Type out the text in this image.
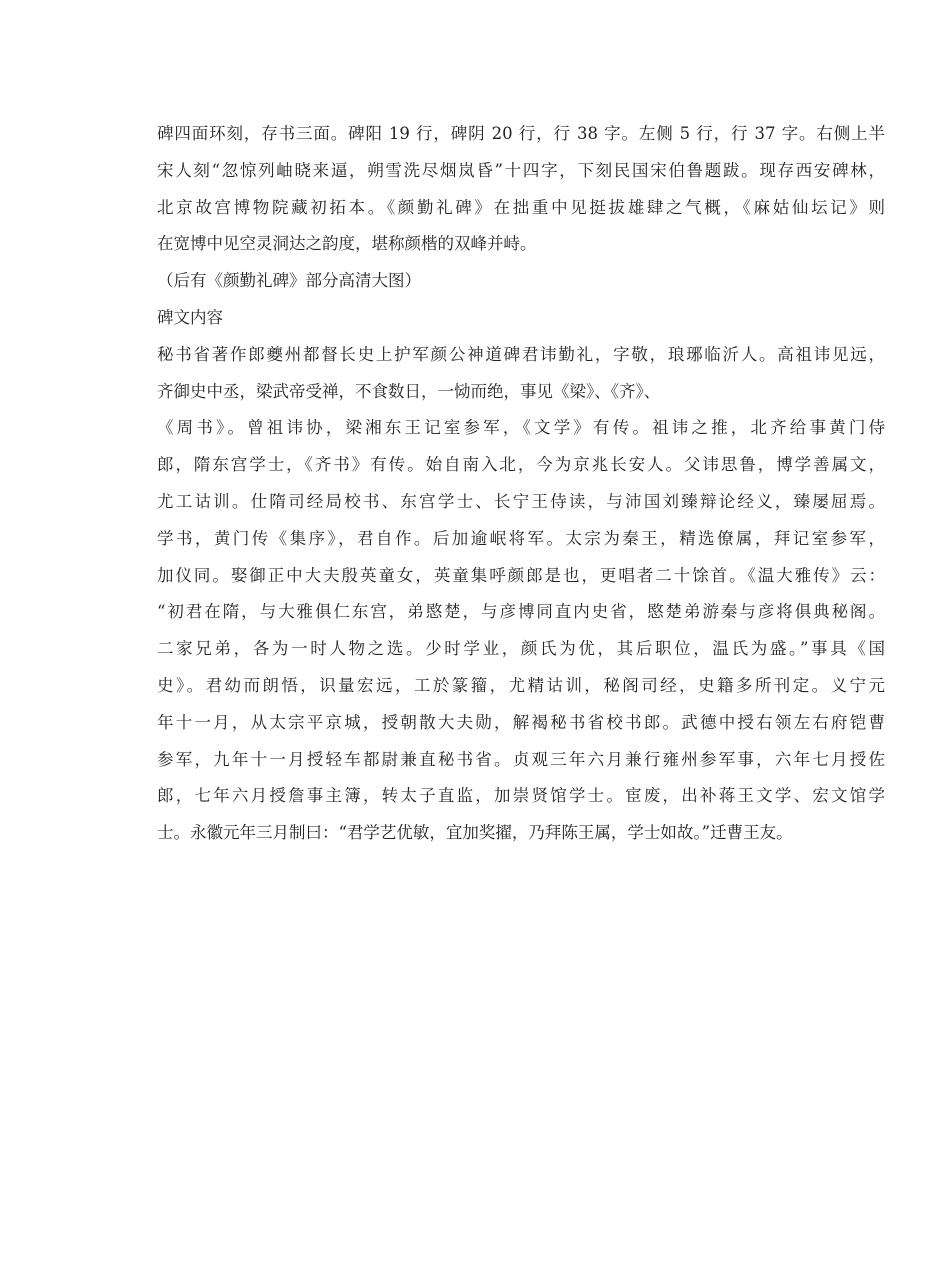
碑四面环刻，存书三面。碑阳 19 行，碑阴 20 行，行 38 字。左侧 5 行，行 37 字。右侧上半
宋人刻“忽惊列岫晓来逼，朔雪洗尽烟岚昏”十四字，下刻民国宋伯鲁题跋。现存西安碑林，
北京故宫博物院藏初拓本。《颜勤礼碑》在拙重中见挺拔雄肆之气概，《麻姑仙坛记》则
在宽博中见空灵洞达之韵度，堪称颜楷的双峰并峙。
（后有《颜勤礼碑》部分高清大图）
碑文内容
秘书省著作郎夔州都督长史上护军颜公神道碑君讳勤礼，字敬，琅琊临沂人。高祖讳见远，
齐御史中丞，梁武帝受禅，不食数日，一恸而绝，事见《梁》、《齐》、
《周书》。曾祖讳协，梁湘东王记室参军，《文学》有传。祖讳之推，北齐给事黄门侍
郎，隋东宫学士，《齐书》有传。始自南入北，今为京兆长安人。父讳思鲁，博学善属文，
尤工诂训。仕隋司经局校书、东宫学士、长宁王侍读，与沛国刘臻辩论经义，臻屡屈焉。
学书，黄门传《集序》，君自作。后加逾岷将军。太宗为秦王，精选僚属，拜记室参军，
加仪同。娶御正中大夫殷英童女，英童集呼颜郎是也，更唱者二十馀首。《温大雅传》云：
“初君在隋，与大雅俱仁东宫，弟愍楚，与彦博同直内史省，愍楚弟游秦与彦将俱典秘阁。
二家兄弟，各为一时人物之选。少时学业，颜氏为优，其后职位，温氏为盛。”事具《国
史》。君幼而朗悟，识量宏远，工於篆籀，尤精诂训，秘阁司经，史籍多所刊定。义宁元
年十一月，从太宗平京城，授朝散大夫勋，解褐秘书省校书郎。武德中授右领左右府铠曹
参军，九年十一月授轻车都尉兼直秘书省。贞观三年六月兼行雍州参军事，六年七月授佐
郎，七年六月授詹事主簿，转太子直监，加崇贤馆学士。宦废，出补蒋王文学、宏文馆学
士。永徽元年三月制曰：“君学艺优敏，宜加奖擢，乃拜陈王属，学士如故。”迁曹王友。
